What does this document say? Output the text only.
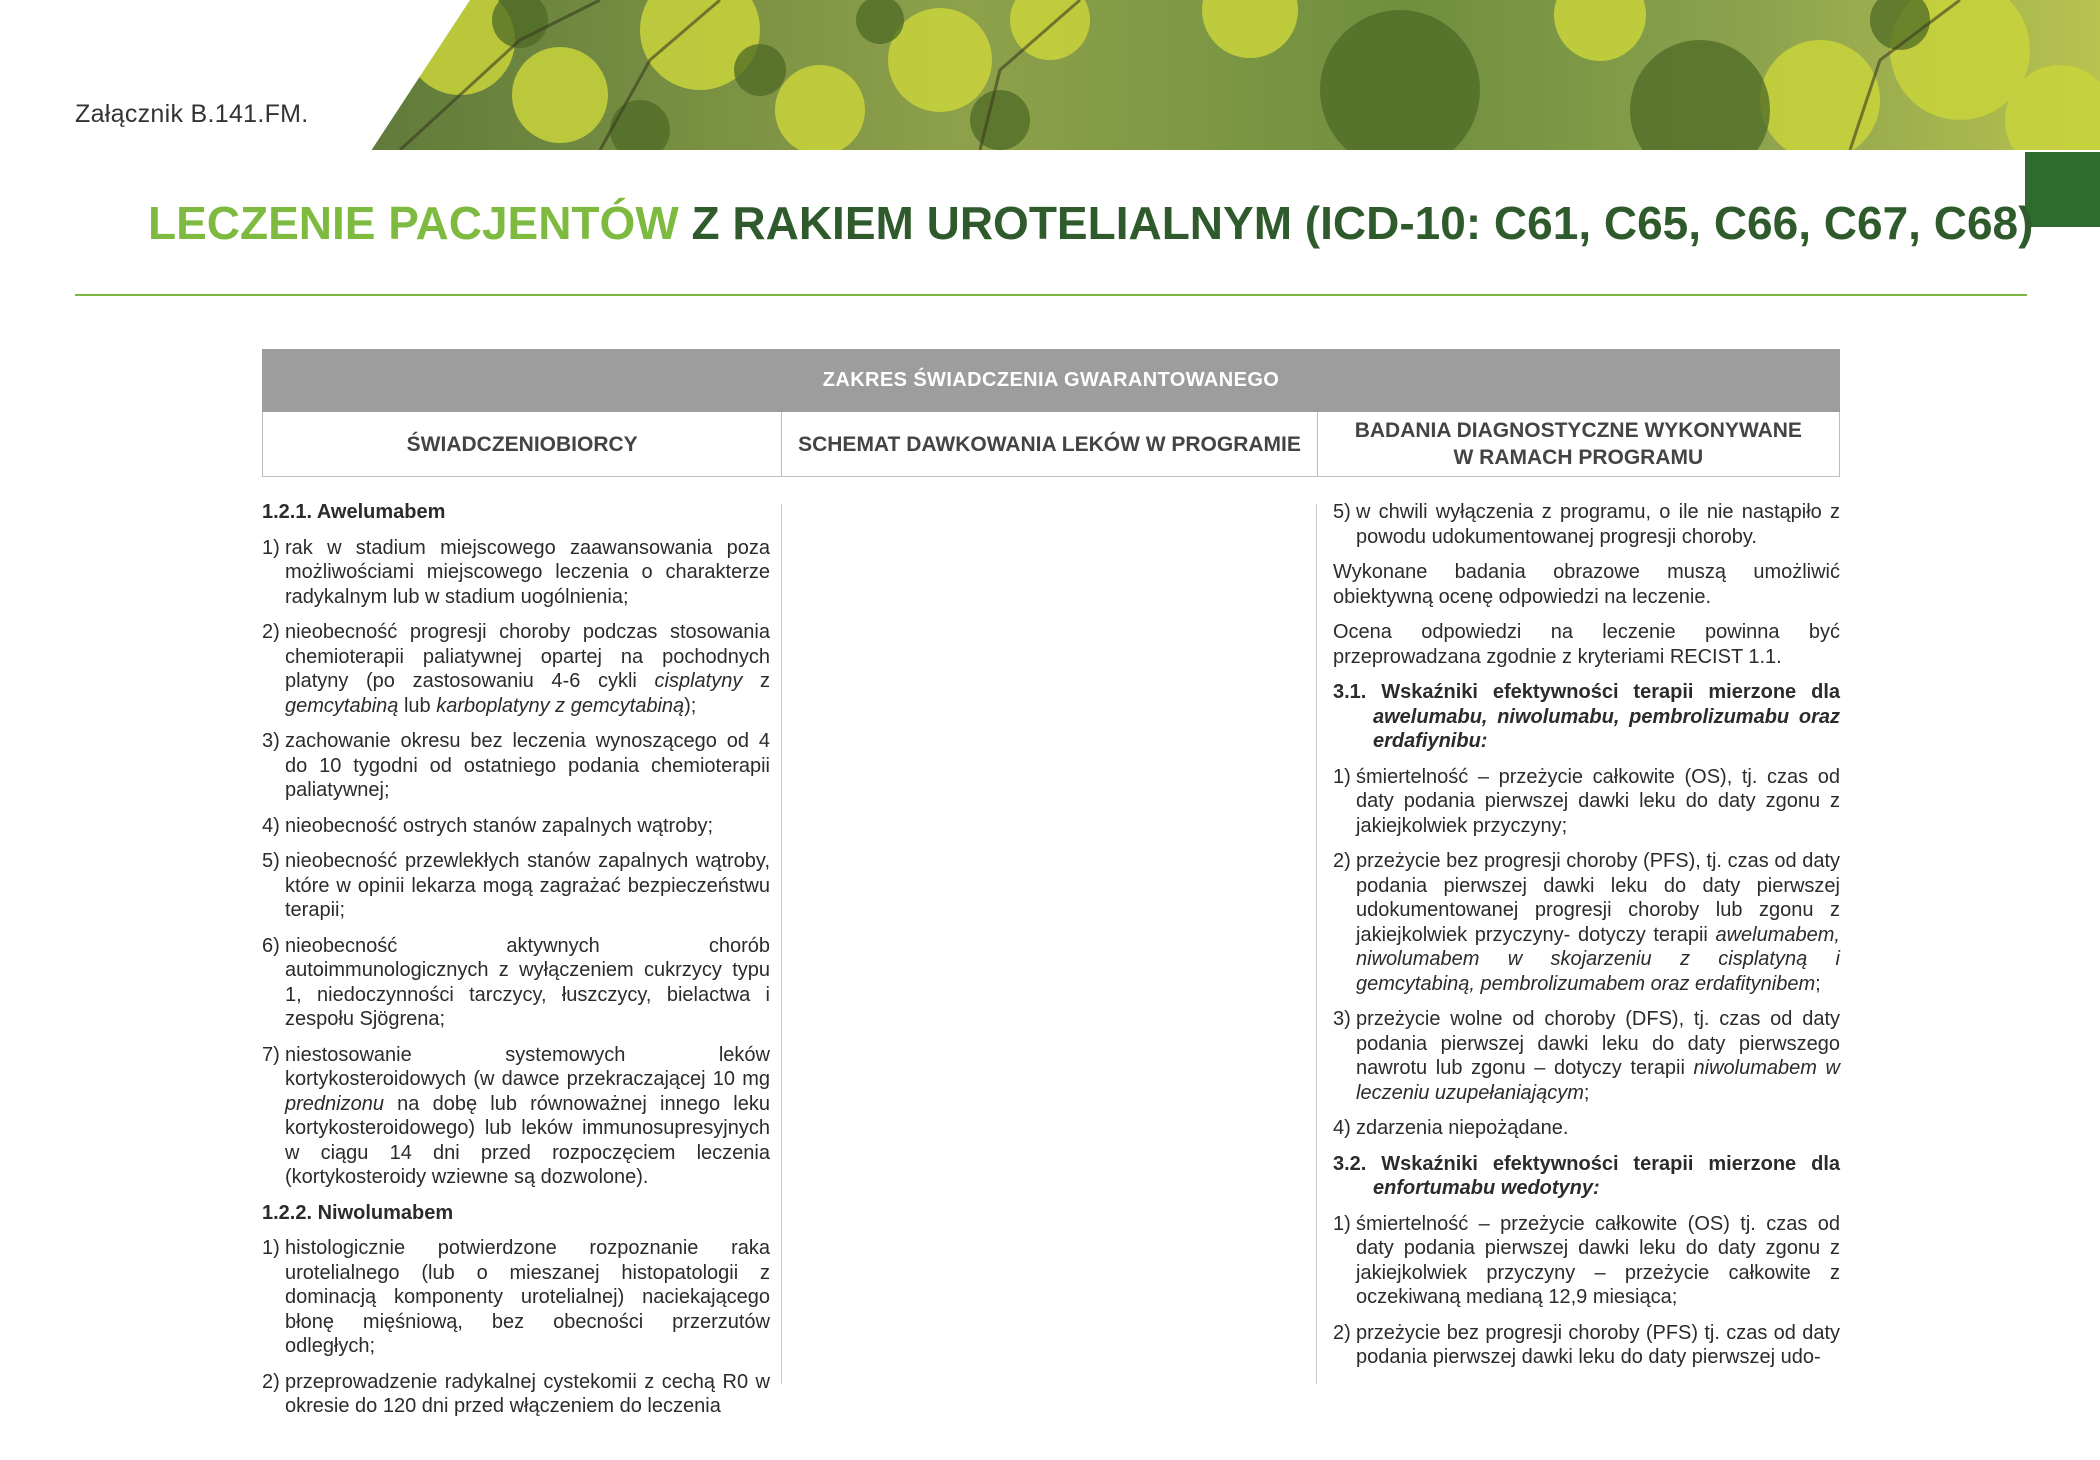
Załącznik B.141.FM.
LECZENIE PACJENTÓW Z RAKIEM UROTELIALNYM (ICD-10: C61, C65, C66, C67, C68)
ZAKRES ŚWIADCZENIA GWARANTOWANEGO
ŚWIADCZENIOBIORCY	SCHEMAT DAWKOWANIA LEKÓW W PROGRAMIE
BADANIA DIAGNOSTYCZNE WYKONYWANE
W RAMACH PROGRAMU
1.2.1. Awelumabem
1) rak w stadium miejscowego zaawansowania poza możliwościami miejscowego leczenia o charakterze radykalnym lub w stadium uogólnienia;
2) nieobecność progresji choroby podczas stosowania chemioterapii paliatywnej opartej na pochodnych platyny (po zastosowaniu 4-6 cykli cisplatyny z gemcytabiną lub karboplatyny z gemcytabiną);
3) zachowanie okresu bez leczenia wynoszącego od 4 do 10 tygodni od ostatniego podania chemioterapii paliatywnej;
4) nieobecność ostrych stanów zapalnych wątroby;
5) nieobecność przewlekłych stanów zapalnych wątroby, które w opinii lekarza mogą zagrażać bezpieczeństwu terapii;
6) nieobecność aktywnych chorób autoimmunologicznych z wyłączeniem cukrzycy typu 1, niedoczynności tarczycy, łuszczycy, bielactwa i zespołu Sjögrena;
7) niestosowanie systemowych leków kortykosteroidowych (w dawce przekraczającej 10 mg prednizonu na dobę lub równoważnej innego leku kortykosteroidowego) lub leków immunosupresyjnych w ciągu 14 dni przed rozpoczęciem leczenia (kortykosteroidy wziewne są dozwolone).
1.2.2. Niwolumabem
1) histologicznie potwierdzone rozpoznanie raka urotelialnego (lub o mieszanej histopatologii z dominacją komponenty urotelialnej) naciekającego błonę mięśniową, bez obecności przerzutów odległych;
2) przeprowadzenie radykalnej cystekomii z cechą R0 w okresie do 120 dni przed włączeniem do leczenia
5) w chwili wyłączenia z programu, o ile nie nastąpiło z powodu udokumentowanej progresji choroby.

Wykonane badania obrazowe muszą umożliwić obiektywną ocenę odpowiedzi na leczenie.

Ocena odpowiedzi na leczenie powinna być przeprowadzana zgodnie z kryteriami RECIST 1.1.

3.1. Wskaźniki efektywności terapii mierzone dla awelumabu, niwolumabu, pembrolizumabu oraz erdafiynibu:
1) śmiertelność – przeżycie całkowite (OS), tj. czas od daty podania pierwszej dawki leku do daty zgonu z jakiejkolwiek przyczyny;
2) przeżycie bez progresji choroby (PFS), tj. czas od daty podania pierwszej dawki leku do daty pierwszej udokumentowanej progresji choroby lub zgonu z jakiejkolwiek przyczyny- dotyczy terapii awelumabem, niwolumabem w skojarzeniu z cisplatyną i gemcytabiną, pembrolizumabem oraz erdafitynibem;
3) przeżycie wolne od choroby (DFS), tj. czas od daty podania pierwszej dawki leku do daty pierwszego nawrotu lub zgonu – dotyczy terapii niwolumabem w leczeniu uzupełaniającym;
4) zdarzenia niepożądane.
3.2. Wskaźniki efektywności terapii mierzone dla enfortumabu wedotyny:
1) śmiertelność – przeżycie całkowite (OS) tj. czas od daty podania pierwszej dawki leku do daty zgonu z jakiejkolwiek przyczyny – przeżycie całkowite z oczekiwaną medianą 12,9 miesiąca;
2) przeżycie bez progresji choroby (PFS) tj. czas od daty podania pierwszej dawki leku do daty pierwszej udo-
